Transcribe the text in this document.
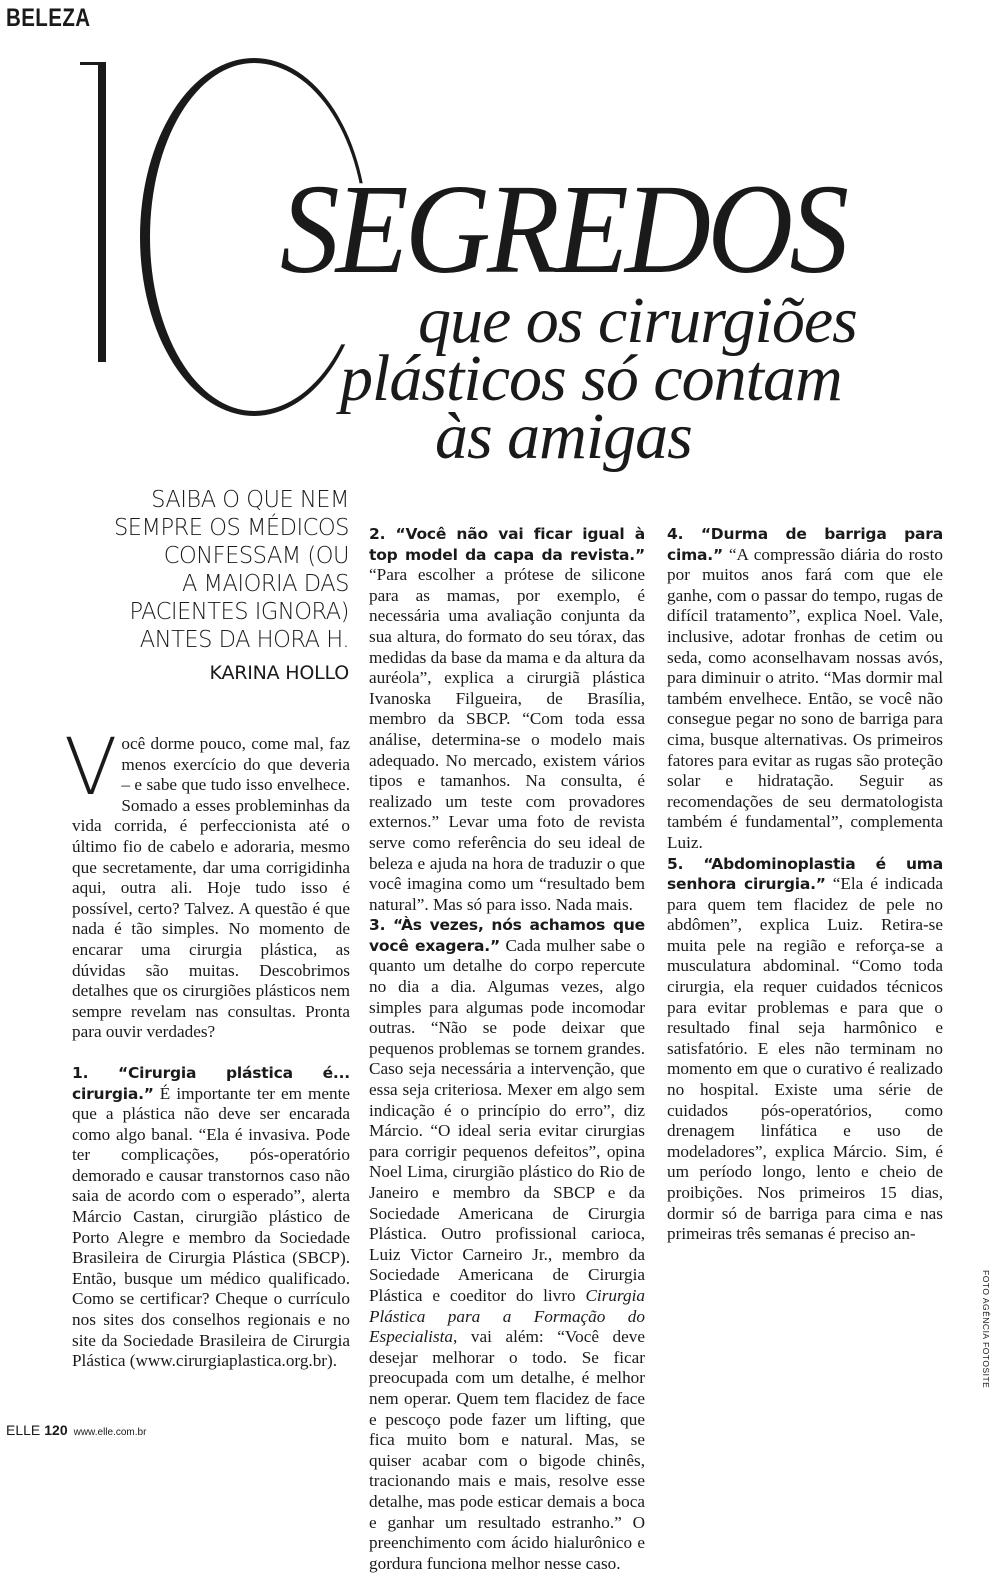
BELEZA
SEGREDOS
que os cirurgiões
plásticos só contam
às amigas
SAIBA O QUE NEM
SEMPRE OS MÉDICOS
CONFESSAM (OU
A MAIORIA DAS
PACIENTES IGNORA)
ANTES DA HORA H.
KARINA HOLLO

Você dorme pouco, come mal, faz menos exercício do que deveria – e sabe que tudo isso envelhece. Somado a esses probleminhas da vida corrida, é perfeccionista até o último fio de cabelo e adoraria, mesmo que secretamente, dar uma corrigidinha aqui, outra ali. Hoje tudo isso é possível, certo? Talvez. A questão é que nada é tão simples. No momento de encarar uma cirurgia plástica, as dúvidas são muitas. Descobrimos detalhes que os cirurgiões plásticos nem sempre revelam nas consultas. Pronta para ouvir verdades?

1. “Cirurgia plástica é... cirurgia.” É importante ter em mente que a plástica não deve ser encarada como algo banal. “Ela é invasiva. Pode ter complicações, pós-operatório demorado e causar transtornos caso não saia de acordo com o esperado”, alerta Márcio Castan, cirurgião plástico de Porto Alegre e membro da Sociedade Brasileira de Cirurgia Plástica (SBCP). Então, busque um médico qualificado. Como se certificar? Cheque o currículo nos sites dos conselhos regionais e no site da Sociedade Brasileira de Cirurgia Plástica (www.cirurgiaplastica.org.br).

2. “Você não vai ficar igual à top model da capa da revista.” “Para escolher a prótese de silicone para as mamas, por exemplo, é necessária uma avaliação conjunta da sua altura, do formato do seu tórax, das medidas da base da mama e da altura da auréola”, explica a cirurgiã plástica Ivanoska Filgueira, de Brasília, membro da SBCP. “Com toda essa análise, determina-se o modelo mais adequado. No mercado, existem vários tipos e tamanhos. Na consulta, é realizado um teste com provadores externos.” Levar uma foto de revista serve como referência do seu ideal de beleza e ajuda na hora de traduzir o que você imagina como um “resultado bem natural”. Mas só para isso. Nada mais.

3. “Às vezes, nós achamos que você exagera.” Cada mulher sabe o quanto um detalhe do corpo repercute no dia a dia. Algumas vezes, algo simples para algumas pode incomodar outras. “Não se pode deixar que pequenos problemas se tornem grandes. Caso seja necessária a intervenção, que essa seja criteriosa. Mexer em algo sem indicação é o princípio do erro”, diz Márcio. “O ideal seria evitar cirurgias para corrigir pequenos defeitos”, opina Noel Lima, cirurgião plástico do Rio de Janeiro e membro da SBCP e da Sociedade Americana de Cirurgia Plástica. Outro profissional carioca, Luiz Victor Carneiro Jr., membro da Sociedade Americana de Cirurgia Plástica e coeditor do livro Cirurgia Plástica para a Formação do Especialista, vai além: “Você deve desejar melhorar o todo. Se ficar preocupada com um detalhe, é melhor nem operar. Quem tem flacidez de face e pescoço pode fazer um lifting, que fica muito bom e natural. Mas, se quiser acabar com o bigode chinês, tracionando mais e mais, resolve esse detalhe, mas pode esticar demais a boca e ganhar um resultado estranho.” O preenchimento com ácido hialurônico e gordura funciona melhor nesse caso.

4. “Durma de barriga para cima.” “A compressão diária do rosto por muitos anos fará com que ele ganhe, com o passar do tempo, rugas de difícil tratamento”, explica Noel. Vale, inclusive, adotar fronhas de cetim ou seda, como aconselhavam nossas avós, para diminuir o atrito. “Mas dormir mal também envelhece. Então, se você não consegue pegar no sono de barriga para cima, busque alternativas. Os primeiros fatores para evitar as rugas são proteção solar e hidratação. Seguir as recomendações de seu dermatologista também é fundamental”, complementa Luiz.

5. “Abdominoplastia é uma senhora cirurgia.” “Ela é indicada para quem tem flacidez de pele no abdômen”, explica Luiz. Retira-se muita pele na região e reforça-se a musculatura abdominal. “Como toda cirurgia, ela requer cuidados técnicos para evitar problemas e para que o resultado final seja harmônico e satisfatório. E eles não terminam no momento em que o curativo é realizado no hospital. Existe uma série de cuidados pós-operatórios, como drenagem linfática e uso de modeladores”, explica Márcio. Sim, é um período longo, lento e cheio de proibições. Nos primeiros 15 dias, dormir só de barriga para cima e nas primeiras três semanas é preciso an-

ELLE 120 www.elle.com.br
FOTO AGÊNCIA FOTOSITE
